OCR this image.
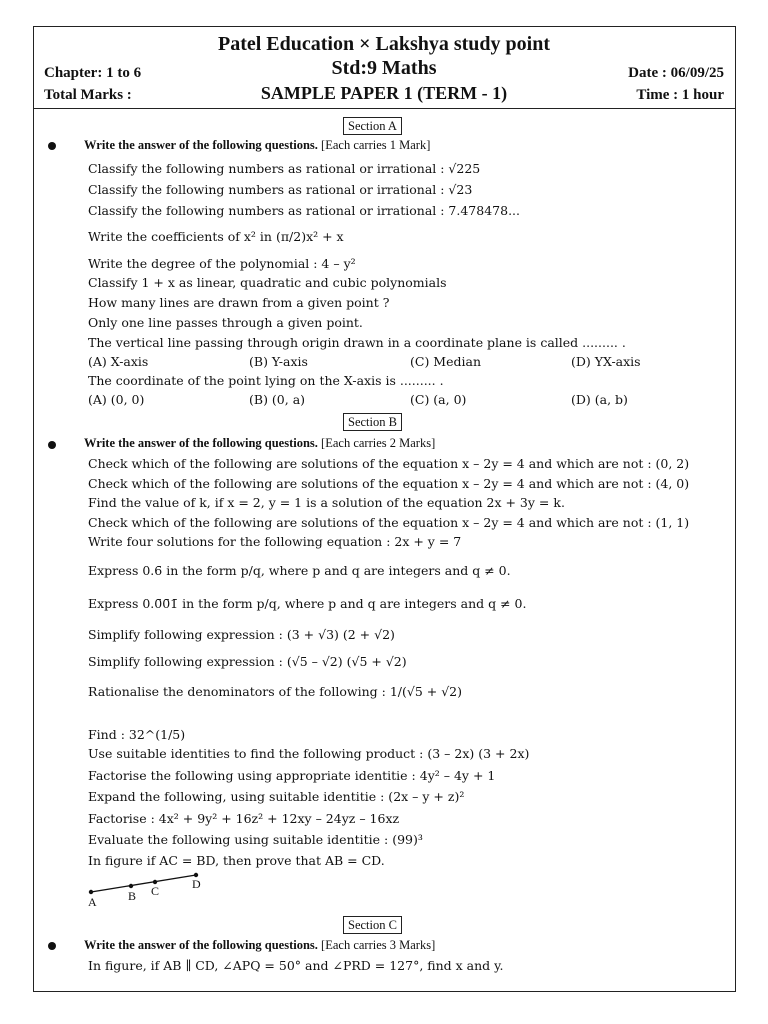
Patel Education × Lakshya study point
Std:9 Maths
SAMPLE PAPER 1 (TERM - 1)
Chapter: 1 to 6
Total Marks :
Date : 06/09/25
Time : 1 hour
Section A
Write the answer of the following questions. [Each carries 1 Mark]
Classify the following numbers as rational or irrational : √225
Classify the following numbers as rational or irrational : √23
Classify the following numbers as rational or irrational : 7.478478...
Write the coefficients of x² in (π/2)x² + x
Write the degree of the polynomial : 4 – y²
Classify 1 + x as linear, quadratic and cubic polynomials
How many lines are drawn from a given point ?
Only one line passes through a given point.
The vertical line passing through origin drawn in a coordinate plane is called ......... .
(A) X-axis	(B) Y-axis	(C) Median	(D) YX-axis
The coordinate of the point lying on the X-axis is ......... .
(A) (0, 0)	(B) (0, a)	(C) (a, 0)	(D) (a, b)
Section B
Write the answer of the following questions. [Each carries 2 Marks]
Check which of the following are solutions of the equation x – 2y = 4 and which are not : (0, 2)
Check which of the following are solutions of the equation x – 2y = 4 and which are not : (4, 0)
Find the value of k, if x = 2, y = 1 is a solution of the equation 2x + 3y = k.
Check which of the following are solutions of the equation x – 2y = 4 and which are not : (1, 1)
Write four solutions for the following equation : 2x + y = 7
Express 0.6̄ in the form p/q, where p and q are integers and q ≠ 0.
Express 0.0̄0̄1̄ in the form p/q, where p and q are integers and q ≠ 0.
Simplify following expression : (3 + √3) (2 + √2)
Simplify following expression : (√5 – √2) (√5 + √2)
Rationalise the denominators of the following : 1/(√5 + √2)
Find : 32^(1/5)
Use suitable identities to find the following product : (3 – 2x) (3 + 2x)
Factorise the following using appropriate identitie : 4y² – 4y + 1
Expand the following, using suitable identitie : (2x – y + z)²
Factorise : 4x² + 9y² + 16z² + 12xy – 24yz – 16xz
Evaluate the following using suitable identitie : (99)³
In figure if AC = BD, then prove that AB = CD.
A	B C	D
Section C
Write the answer of the following questions. [Each carries 3 Marks]
In figure, if AB ∥ CD, ∠APQ = 50° and ∠PRD = 127°, find x and y.
